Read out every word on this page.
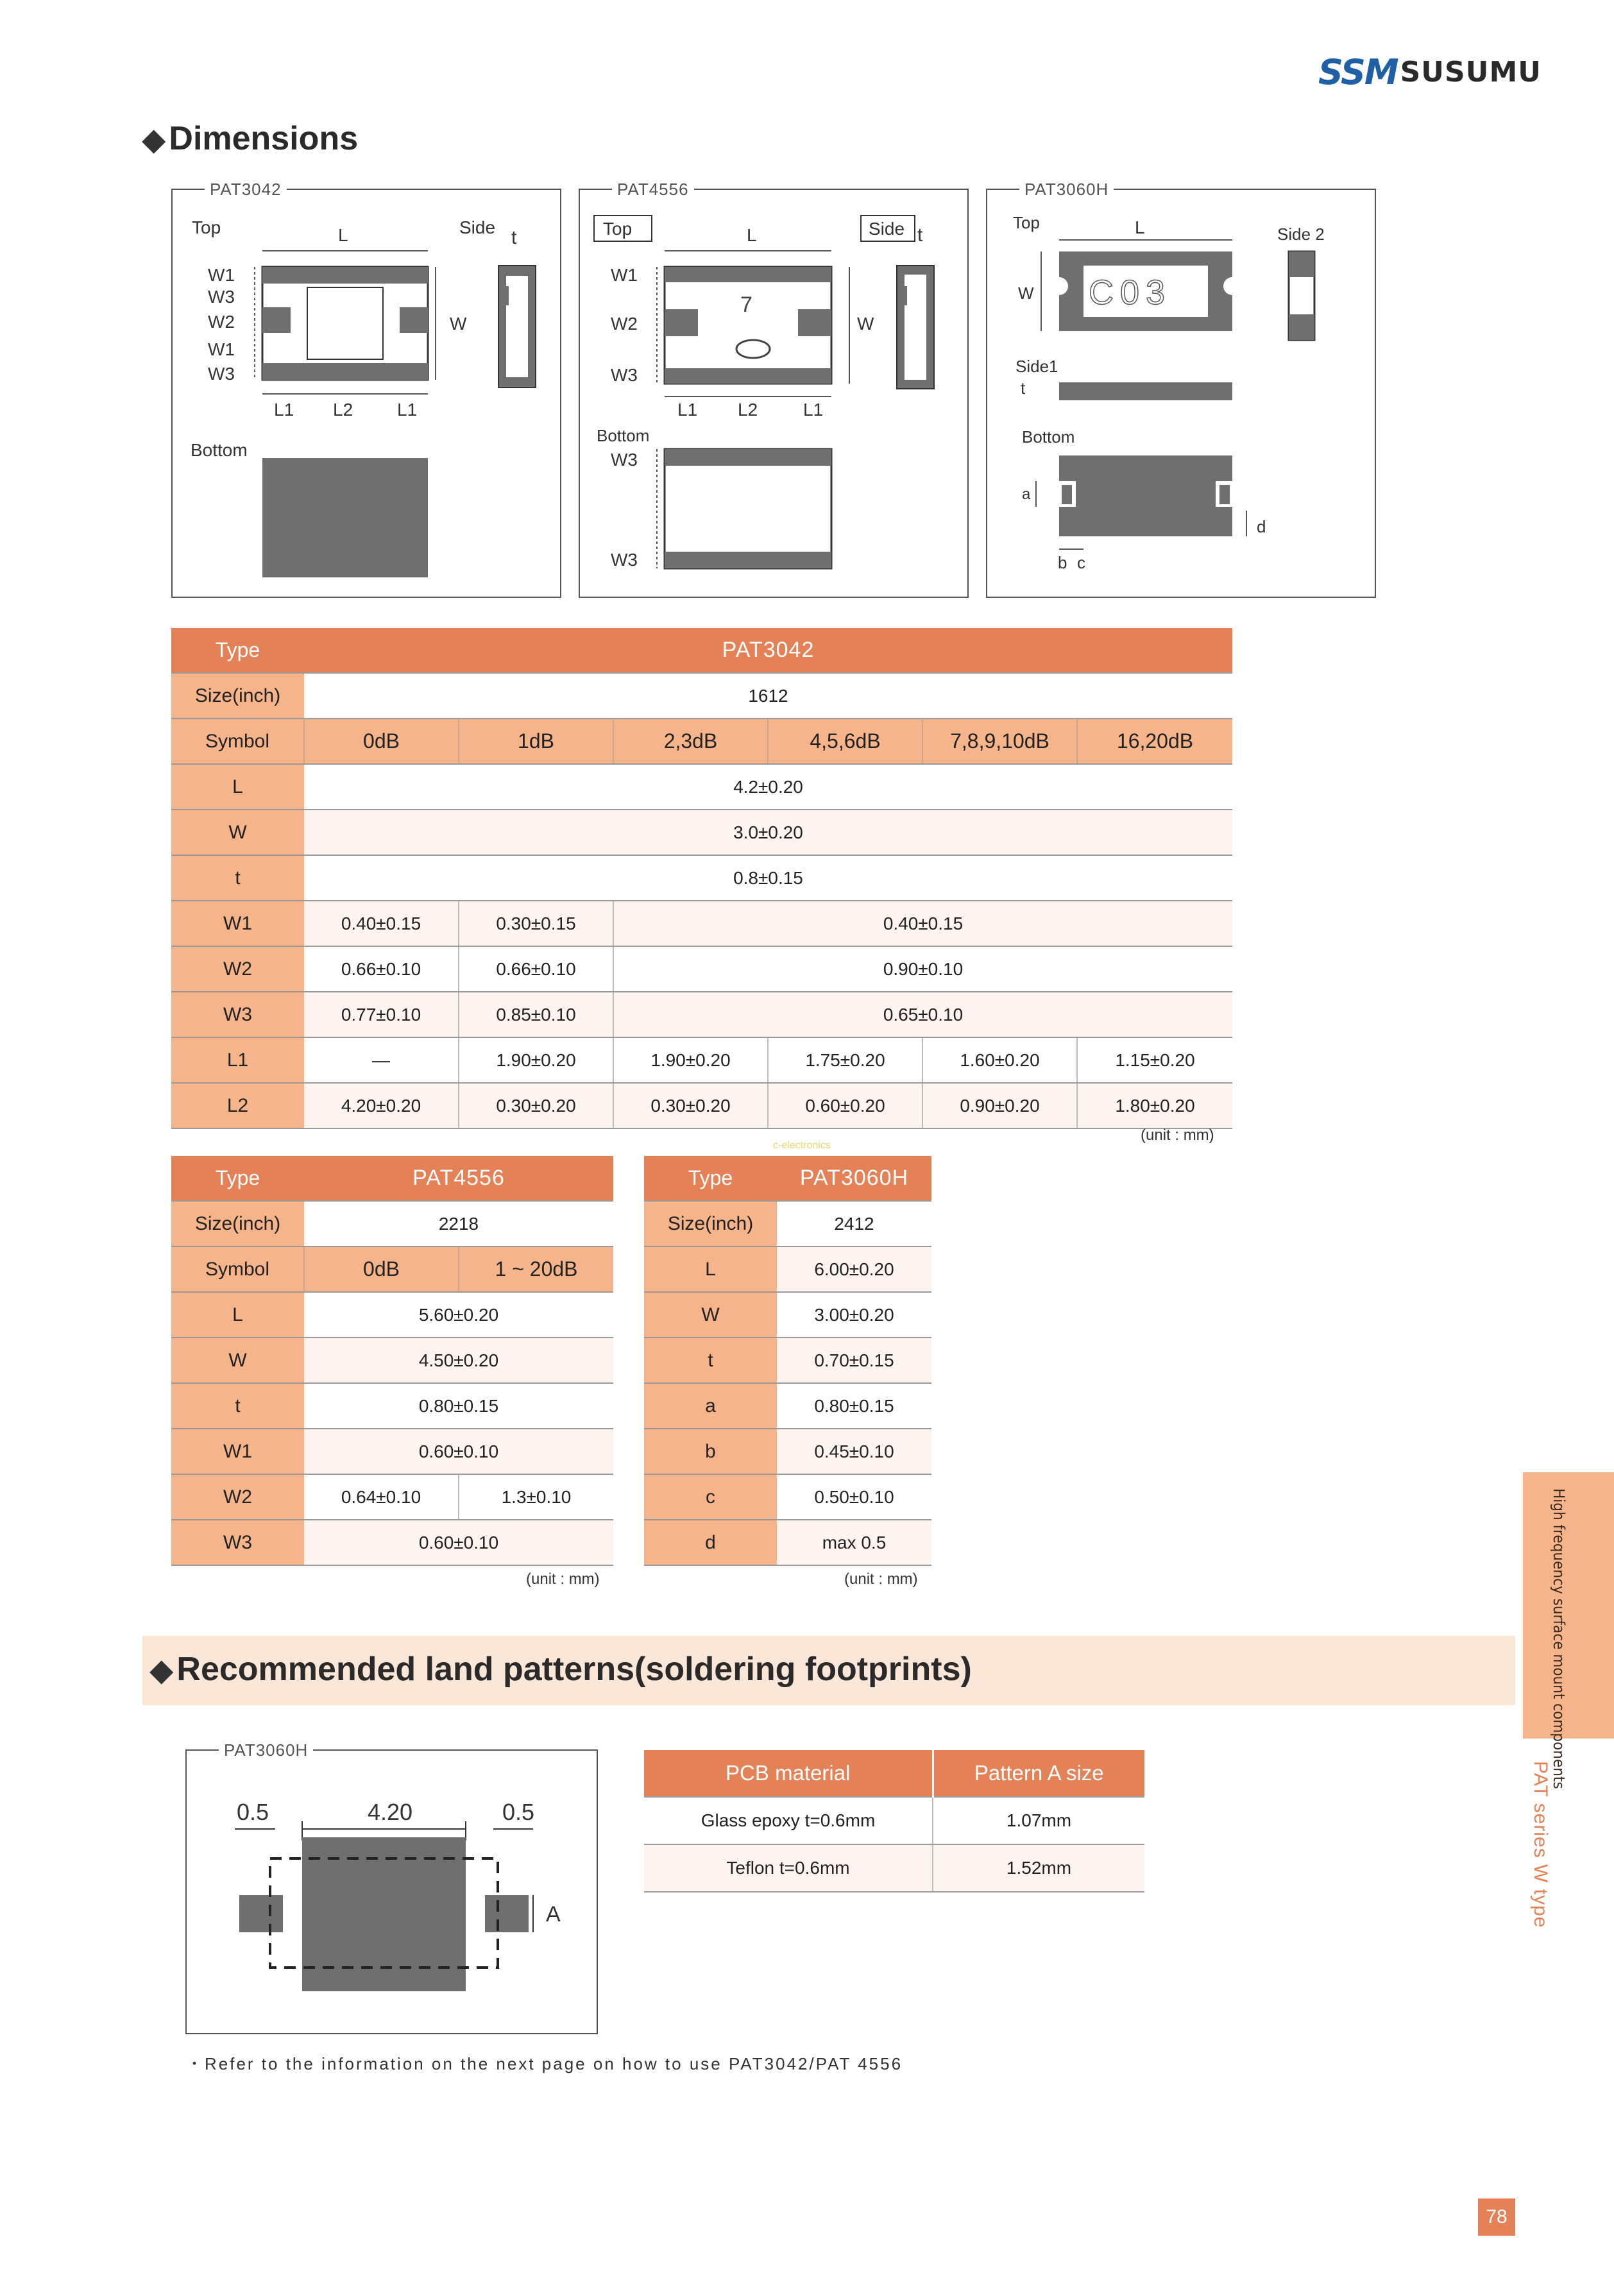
SSM SUSUMU
◆ Dimensions
PAT3042
Top	L
W
W1
W3
W2
W1
W3
L1 L2 L1
Side t
Bottom
PAT4556
Top	L
7
W
W1
W2
W3
L1 L2	L1
Side t
Bottom
W3
W3
PAT3060H
Top	L
C03
W
Side 2
Side1
t
Bottom
a
b c
d
Type	PAT3042					
Size(inch)	1612					
Symbol	0dB	1dB	2,3dB	4,5,6dB	7,8,9,10dB	16,20dB
L	4.2±0.20					
W	3.0±0.20					
t	0.8±0.15					
W1	0.40±0.15	0.30±0.15	0.40±0.15			
W2	0.66±0.10	0.66±0.10	0.90±0.10			
W3	0.77±0.10	0.85±0.10	0.65±0.10			
L1	—	1.90±0.20	1.90±0.20	1.75±0.20	1.60±0.20	1.15±0.20
L2	4.20±0.20	0.30±0.20	0.30±0.20	0.60±0.20	0.90±0.20	1.80±0.20
(unit : mm)
c-electronics
Type	PAT4556	
Size(inch)	2218	
Symbol	0dB	1 ~ 20dB
L	5.60±0.20	
W	4.50±0.20	
t	0.80±0.15	
W1	0.60±0.10	
W2	0.64±0.10	1.3±0.10
W3	0.60±0.10	
(unit : mm)
Type	PAT3060H
Size(inch)	2412
L	6.00±0.20
W	3.00±0.20
t	0.70±0.15
a	0.80±0.15
b	0.45±0.10
c	0.50±0.10
d	max 0.5
(unit : mm)	High frequency surface mount components
PAT series W type
◆ Recommended land patterns(soldering footprints)
PAT3060H
0.5	4.20	0.5
A
PCB material	Pattern A size
Glass epoxy t=0.6mm	1.07mm
Teflon t=0.6mm	1.52mm
・Refer to the information on the next page on how to use PAT3042/PAT 4556
78
